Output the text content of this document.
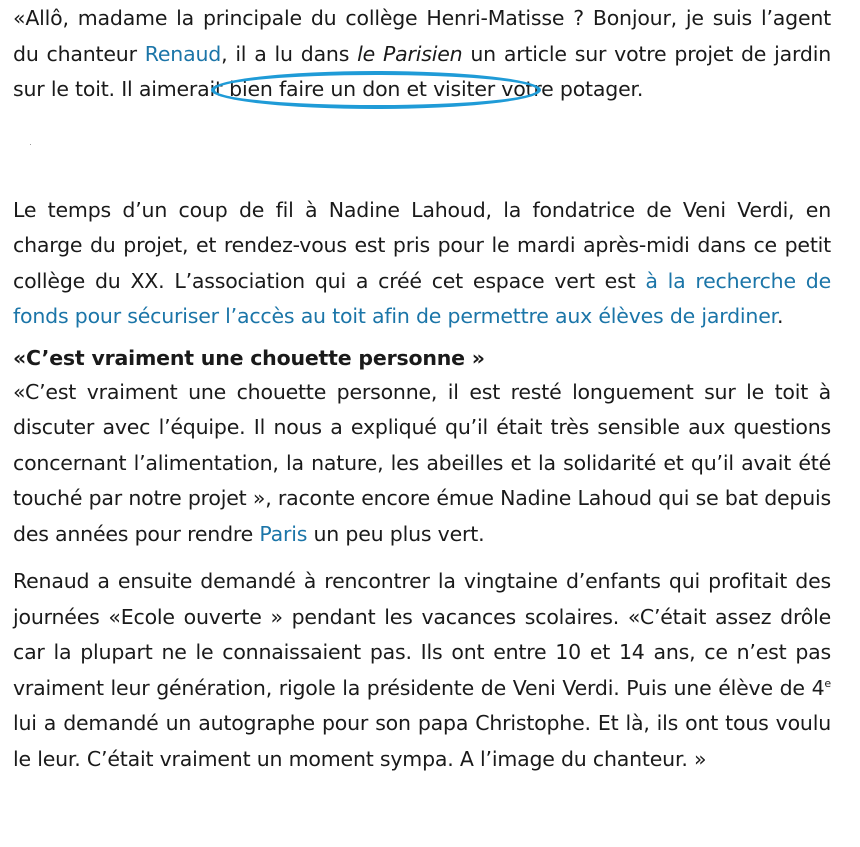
«Allô, madame la principale du collège Henri-Matisse ? Bonjour, je suis l’agent du chanteur Renaud, il a lu dans le Parisien un article sur votre projet de jardin sur le toit. Il aimerait bien faire un don et visiter votre potager.

Le temps d’un coup de fil à Nadine Lahoud, la fondatrice de Veni Verdi, en charge du projet, et rendez-vous est pris pour le mardi après-midi dans ce petit collège du XX. L’association qui a créé cet espace vert est à la recherche de fonds pour sécuriser l’accès au toit afin de permettre aux élèves de jardiner.

«C’est vraiment une chouette personne »

«C’est vraiment une chouette personne, il est resté longuement sur le toit à discuter avec l’équipe. Il nous a expliqué qu’il était très sensible aux questions concernant l’alimentation, la nature, les abeilles et la solidarité et qu’il avait été touché par notre projet », raconte encore émue Nadine Lahoud qui se bat depuis des années pour rendre Paris un peu plus vert.

Renaud a ensuite demandé à rencontrer la vingtaine d’enfants qui profitait des journées «Ecole ouverte » pendant les vacances scolaires. «C’était assez drôle car la plupart ne le connaissaient pas. Ils ont entre 10 et 14 ans, ce n’est pas vraiment leur génération, rigole la présidente de Veni Verdi. Puis une élève de 4e lui a demandé un autographe pour son papa Christophe. Et là, ils ont tous voulu le leur. C’était vraiment un moment sympa. A l’image du chanteur. »
